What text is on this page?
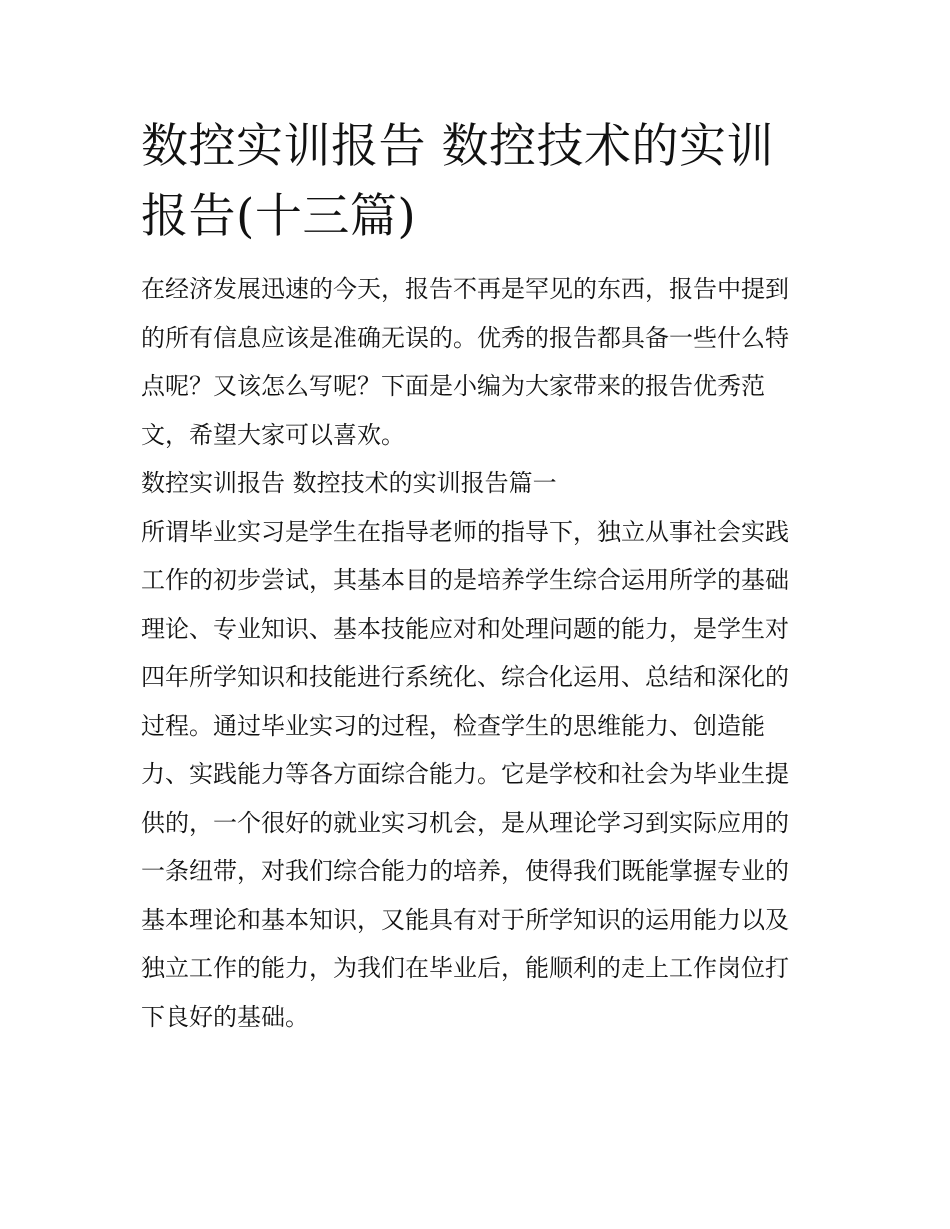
数控实训报告 数控技术的实训
报告(十三篇)

在经济发展迅速的今天，报告不再是罕见的东西，报告中提到
的所有信息应该是准确无误的。优秀的报告都具备一些什么特
点呢？又该怎么写呢？下面是小编为大家带来的报告优秀范
文，希望大家可以喜欢。

数控实训报告 数控技术的实训报告篇一

所谓毕业实习是学生在指导老师的指导下，独立从事社会实践
工作的初步尝试，其基本目的是培养学生综合运用所学的基础
理论、专业知识、基本技能应对和处理问题的能力，是学生对
四年所学知识和技能进行系统化、综合化运用、总结和深化的
过程。通过毕业实习的过程，检查学生的思维能力、创造能
力、实践能力等各方面综合能力。它是学校和社会为毕业生提
供的，一个很好的就业实习机会，是从理论学习到实际应用的
一条纽带，对我们综合能力的培养，使得我们既能掌握专业的
基本理论和基本知识，又能具有对于所学知识的运用能力以及
独立工作的能力，为我们在毕业后，能顺利的走上工作岗位打
下良好的基础。
